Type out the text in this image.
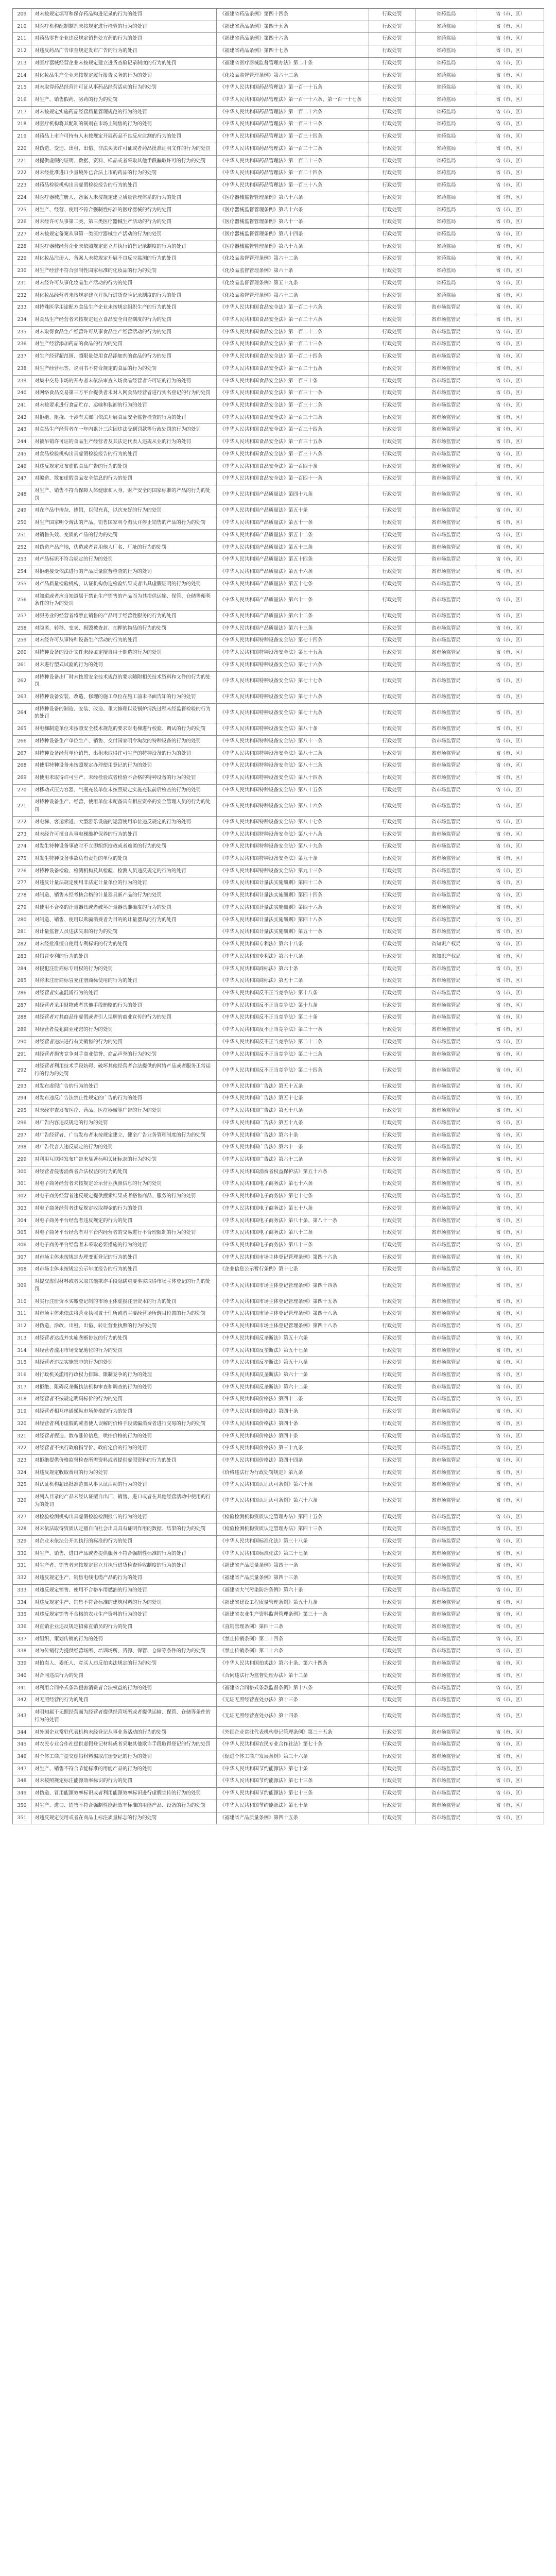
209	对未按规定填写和保存药品购进记录的行为的处罚	《福建省药品条例》第四十四条	行政处罚	省药监局	省（市、区）
210	对医疗机构配制制剂未按规定进行检验的行为的处罚	《福建省药品条例》第四十五条	行政处罚	省药监局	省（市、区）
211	对药品零售企业违反规定销售处方药的行为的处罚	《福建省药品条例》第四十六条	行政处罚	省药监局	省（市、区）
212	对违反药品广告审查规定发布广告的行为的处罚	《福建省药品条例》第四十七条	行政处罚	省药监局	省（市、区）
213	对医疗器械经营企业未按规定建立进货查验记录制度的行为的处罚	《福建省医疗器械监督管理办法》第二十条	行政处罚	省药监局	省（市、区）
214	对化妆品生产企业未按规定履行报告义务的行为的处罚	《化妆品监督管理条例》第六十二条	行政处罚	省药监局	省（市、区）
215	对未取得药品经营许可证从事药品经营活动的行为的处罚	《中华人民共和国药品管理法》第一百一十五条	行政处罚	省药监局	省（市、区）
216	对生产、销售假药、劣药的行为的处罚	《中华人民共和国药品管理法》第一百一十六条、第一百一十七条	行政处罚	省药监局	省（市、区）
217	对未按规定实施药品经营质量管理规范的行为的处罚	《中华人民共和国药品管理法》第一百二十六条	行政处罚	省药监局	省（市、区）
218	对医疗机构将其配制的制剂在市场上销售的行为的处罚	《中华人民共和国药品管理法》第一百三十三条	行政处罚	省药监局	省（市、区）
219	对药品上市许可持有人未按规定开展药品不良反应监测的行为的处罚	《中华人民共和国药品管理法》第一百三十四条	行政处罚	省药监局	省（市、区）
220	对伪造、变造、出租、出借、非法买卖许可证或者药品批准证明文件的行为的处罚	《中华人民共和国药品管理法》第一百二十二条	行政处罚	省药监局	省（市、区）
221	对提供虚假的证明、数据、资料、样品或者采取其他手段骗取许可的行为的处罚	《中华人民共和国药品管理法》第一百二十三条	行政处罚	省药监局	省（市、区）
222	对未经批准进口少量境外已合法上市的药品的行为的处罚	《中华人民共和国药品管理法》第一百二十四条	行政处罚	省药监局	省（市、区）
223	对药品检验机构出具虚假检验报告的行为的处罚	《中华人民共和国药品管理法》第一百三十八条	行政处罚	省药监局	省（市、区）
224	对医疗器械注册人、备案人未按规定建立质量管理体系的行为的处罚	《医疗器械监督管理条例》第八十六条	行政处罚	省药监局	省（市、区）
225	对生产、经营、使用不符合强制性标准的医疗器械的行为的处罚	《医疗器械监督管理条例》第八十六条	行政处罚	省药监局	省（市、区）
226	对未经许可从事第二类、第三类医疗器械生产活动的行为的处罚	《医疗器械监督管理条例》第八十一条	行政处罚	省药监局	省（市、区）
227	对未按规定备案从事第一类医疗器械生产活动的行为的处罚	《医疗器械监督管理条例》第八十四条	行政处罚	省药监局	省（市、区）
228	对医疗器械经营企业未依照规定建立并执行销售记录制度的行为的处罚	《医疗器械监督管理条例》第八十九条	行政处罚	省药监局	省（市、区）
229	对化妆品注册人、备案人未按规定开展不良反应监测的行为的处罚	《化妆品监督管理条例》第六十二条	行政处罚	省药监局	省（市、区）
230	对生产经营不符合强制性国家标准的化妆品的行为的处罚	《化妆品监督管理条例》第六十条	行政处罚	省药监局	省（市、区）
231	对未经许可从事化妆品生产活动的行为的处罚	《化妆品监督管理条例》第五十九条	行政处罚	省药监局	省（市、区）
232	对化妆品经营者未按规定建立并执行进货查验记录制度的行为的处罚	《化妆品监督管理条例》第六十二条	行政处罚	省药监局	省（市、区）
233	对特殊医学用途配方食品生产企业未按规定组织生产的行为的处罚	《中华人民共和国食品安全法》第一百二十六条	行政处罚	省市场监管局	省（市、区）
234	对食品生产经营者未按规定建立食品安全自查制度的行为的处罚	《中华人民共和国食品安全法》第一百二十六条	行政处罚	省市场监管局	省（市、区）
235	对未取得食品生产经营许可从事食品生产经营活动的行为的处罚	《中华人民共和国食品安全法》第一百二十二条	行政处罚	省市场监管局	省（市、区）
236	对生产经营添加药品的食品的行为的处罚	《中华人民共和国食品安全法》第一百二十三条	行政处罚	省市场监管局	省（市、区）
237	对生产经营超范围、超限量使用食品添加剂的食品的行为的处罚	《中华人民共和国食品安全法》第一百二十四条	行政处罚	省市场监管局	省（市、区）
238	对生产经营标签、说明书不符合规定的食品的行为的处罚	《中华人民共和国食品安全法》第一百二十五条	行政处罚	省市场监管局	省（市、区）
239	对集中交易市场的开办者未依法审查入场食品经营者许可证的行为的处罚	《中华人民共和国食品安全法》第一百三十条	行政处罚	省市场监管局	省（市、区）
240	对网络食品交易第三方平台提供者未对入网食品经营者进行实名登记的行为的处罚	《中华人民共和国食品安全法》第一百三十一条	行政处罚	省市场监管局	省（市、区）
241	对未按要求进行食品贮存、运输和装卸的行为的处罚	《中华人民共和国食品安全法》第一百三十二条	行政处罚	省市场监管局	省（市、区）
242	对拒绝、阻挠、干涉有关部门依法开展食品安全监督检查的行为的处罚	《中华人民共和国食品安全法》第一百三十三条	行政处罚	省市场监管局	省（市、区）
243	对食品生产经营者在一年内累计三次因违法受到罚款等行政处罚的行为的处罚	《中华人民共和国食品安全法》第一百三十四条	行政处罚	省市场监管局	省（市、区）
244	对被吊销许可证的食品生产经营者及其法定代表人违规从业的行为的处罚	《中华人民共和国食品安全法》第一百三十五条	行政处罚	省市场监管局	省（市、区）
245	对食品检验机构出具虚假检验报告的行为的处罚	《中华人民共和国食品安全法》第一百三十八条	行政处罚	省市场监管局	省（市、区）
246	对违反规定发布虚假食品广告的行为的处罚	《中华人民共和国食品安全法》第一百四十条	行政处罚	省市场监管局	省（市、区）
247	对编造、散布虚假食品安全信息的行为的处罚	《中华人民共和国食品安全法》第一百四十一条	行政处罚	省市场监管局	省（市、区）
248	对生产、销售不符合保障人体健康和人身、财产安全的国家标准的产品的行为的处罚	《中华人民共和国产品质量法》第四十九条	行政处罚	省市场监管局	省（市、区）
249	对在产品中掺杂、掺假，以假充真，以次充好的行为的处罚	《中华人民共和国产品质量法》第五十条	行政处罚	省市场监管局	省（市、区）
250	对生产国家明令淘汰的产品、销售国家明令淘汰并停止销售的产品的行为的处罚	《中华人民共和国产品质量法》第五十一条	行政处罚	省市场监管局	省（市、区）
251	对销售失效、变质的产品的行为的处罚	《中华人民共和国产品质量法》第五十二条	行政处罚	省市场监管局	省（市、区）
252	对伪造产品产地，伪造或者冒用他人厂名、厂址的行为的处罚	《中华人民共和国产品质量法》第五十三条	行政处罚	省市场监管局	省（市、区）
253	对产品标识不符合规定的行为的处罚	《中华人民共和国产品质量法》第五十四条	行政处罚	省市场监管局	省（市、区）
254	对拒绝接受依法进行的产品质量监督检查的行为的处罚	《中华人民共和国产品质量法》第五十六条	行政处罚	省市场监管局	省（市、区）
255	对产品质量检验机构、认证机构伪造检验结果或者出具虚假证明的行为的处罚	《中华人民共和国产品质量法》第五十七条	行政处罚	省市场监管局	省（市、区）
256	对知道或者应当知道属于禁止生产销售的产品而为其提供运输、保管、仓储等便利条件的行为的处罚	《中华人民共和国产品质量法》第六十一条	行政处罚	省市场监管局	省（市、区）
257	对服务业的经营者将禁止销售的产品用于经营性服务的行为的处罚	《中华人民共和国产品质量法》第六十二条	行政处罚	省市场监管局	省（市、区）
258	对隐匿、转移、变卖、损毁被查封、扣押的物品的行为的处罚	《中华人民共和国产品质量法》第六十三条	行政处罚	省市场监管局	省（市、区）
259	对未经许可从事特种设备生产活动的行为的处罚	《中华人民共和国特种设备安全法》第七十四条	行政处罚	省市场监管局	省（市、区）
260	对特种设备的设计文件未经鉴定擅自用于制造的行为的处罚	《中华人民共和国特种设备安全法》第七十五条	行政处罚	省市场监管局	省（市、区）
261	对未进行型式试验的行为的处罚	《中华人民共和国特种设备安全法》第七十六条	行政处罚	省市场监管局	省（市、区）
262	对特种设备出厂时未按照安全技术规范的要求随附相关技术资料和文件的行为的处罚	《中华人民共和国特种设备安全法》第七十七条	行政处罚	省市场监管局	省（市、区）
263	对特种设备安装、改造、修理的施工单位在施工前未书面告知的行为的处罚	《中华人民共和国特种设备安全法》第七十八条	行政处罚	省市场监管局	省（市、区）
264	对特种设备的制造、安装、改造、重大修理以及锅炉清洗过程未经监督检验的行为的处罚	《中华人民共和国特种设备安全法》第七十九条	行政处罚	省市场监管局	省（市、区）
265	对电梯制造单位未按照安全技术规范的要求对电梯进行校验、调试的行为的处罚	《中华人民共和国特种设备安全法》第八十条	行政处罚	省市场监管局	省（市、区）
266	对特种设备生产单位生产、销售、交付国家明令淘汰的特种设备的行为的处罚	《中华人民共和国特种设备安全法》第八十一条	行政处罚	省市场监管局	省（市、区）
267	对特种设备经营单位销售、出租未取得许可生产的特种设备的行为的处罚	《中华人民共和国特种设备安全法》第八十二条	行政处罚	省市场监管局	省（市、区）
268	对使用特种设备未按照规定办理使用登记的行为的处罚	《中华人民共和国特种设备安全法》第八十三条	行政处罚	省市场监管局	省（市、区）
269	对使用未取得许可生产，未经检验或者检验不合格的特种设备的行为的处罚	《中华人民共和国特种设备安全法》第八十四条	行政处罚	省市场监管局	省（市、区）
270	对移动式压力容器、气瓶充装单位未按照规定实施充装前后检查的行为的处罚	《中华人民共和国特种设备安全法》第八十五条	行政处罚	省市场监管局	省（市、区）
271	对特种设备生产、经营、使用单位未配备具有相应资格的安全管理人员的行为的处罚	《中华人民共和国特种设备安全法》第八十六条	行政处罚	省市场监管局	省（市、区）
272	对电梯、客运索道、大型游乐设施的运营使用单位违反规定的行为的处罚	《中华人民共和国特种设备安全法》第八十七条	行政处罚	省市场监管局	省（市、区）
273	对未经许可擅自从事电梯维护保养的行为的处罚	《中华人民共和国特种设备安全法》第八十八条	行政处罚	省市场监管局	省（市、区）
274	对发生特种设备事故时不立即组织抢救或者逃匿的行为的处罚	《中华人民共和国特种设备安全法》第八十九条	行政处罚	省市场监管局	省（市、区）
275	对发生特种设备事故负有责任的单位的处罚	《中华人民共和国特种设备安全法》第九十条	行政处罚	省市场监管局	省（市、区）
276	对特种设备检验、检测机构及其检验、检测人员违反规定的行为的处罚	《中华人民共和国特种设备安全法》第九十三条	行政处罚	省市场监管局	省（市、区）
277	对违反计量法规定使用非法定计量单位的行为的处罚	《中华人民共和国计量法实施细则》第四十二条	行政处罚	省市场监管局	省（市、区）
278	对制造、销售未经考核合格的计量器具新产品的行为的处罚	《中华人民共和国计量法实施细则》第四十四条	行政处罚	省市场监管局	省（市、区）
279	对使用不合格的计量器具或者破坏计量器具准确度的行为的处罚	《中华人民共和国计量法实施细则》第四十六条	行政处罚	省市场监管局	省（市、区）
280	对制造、销售、使用以欺骗消费者为目的的计量器具的行为的处罚	《中华人民共和国计量法实施细则》第四十八条	行政处罚	省市场监管局	省（市、区）
281	对计量监督人员违法失职的行为的处罚	《中华人民共和国计量法实施细则》第五十一条	行政处罚	省市场监管局	省（市、区）
282	对未经批准擅自使用专利标识的行为的处罚	《中华人民共和国专利法》第六十八条	行政处罚	省知识产权局	省（市、区）
283	对假冒专利的行为的处罚	《中华人民共和国专利法》第六十八条	行政处罚	省知识产权局	省（市、区）
284	对侵犯注册商标专用权的行为的处罚	《中华人民共和国商标法》第六十条	行政处罚	省市场监管局	省（市、区）
285	对将未注册商标冒充注册商标使用的行为的处罚	《中华人民共和国商标法》第五十二条	行政处罚	省市场监管局	省（市、区）
286	对经营者实施混淆行为的处罚	《中华人民共和国反不正当竞争法》第十八条	行政处罚	省市场监管局	省（市、区）
287	对经营者采用财物或者其他手段贿赂的行为的处罚	《中华人民共和国反不正当竞争法》第十九条	行政处罚	省市场监管局	省（市、区）
288	对经营者对其商品作虚假或者引人误解的商业宣传的行为的处罚	《中华人民共和国反不正当竞争法》第二十条	行政处罚	省市场监管局	省（市、区）
289	对经营者侵犯商业秘密的行为的处罚	《中华人民共和国反不正当竞争法》第二十一条	行政处罚	省市场监管局	省（市、区）
290	对经营者违法进行有奖销售的行为的处罚	《中华人民共和国反不正当竞争法》第二十二条	行政处罚	省市场监管局	省（市、区）
291	对经营者损害竞争对手商业信誉、商品声誉的行为的处罚	《中华人民共和国反不正当竞争法》第二十三条	行政处罚	省市场监管局	省（市、区）
292	对经营者利用技术手段妨碍、破坏其他经营者合法提供的网络产品或者服务正常运行的行为的处罚	《中华人民共和国反不正当竞争法》第二十四条	行政处罚	省市场监管局	省（市、区）
293	对发布虚假广告的行为的处罚	《中华人民共和国广告法》第五十五条	行政处罚	省市场监管局	省（市、区）
294	对发布违反广告法禁止性规定的广告的行为的处罚	《中华人民共和国广告法》第五十七条	行政处罚	省市场监管局	省（市、区）
295	对未经审查发布医疗、药品、医疗器械等广告的行为的处罚	《中华人民共和国广告法》第五十八条	行政处罚	省市场监管局	省（市、区）
296	对广告内容违反规定的行为的处罚	《中华人民共和国广告法》第五十九条	行政处罚	省市场监管局	省（市、区）
297	对广告经营者、广告发布者未按规定建立、健全广告业务管理制度的行为的处罚	《中华人民共和国广告法》第六十条	行政处罚	省市场监管局	省（市、区）
298	对广告代言人违反规定的行为的处罚	《中华人民共和国广告法》第六十一条	行政处罚	省市场监管局	省（市、区）
299	对利用互联网发布广告未显著标明关闭标志的行为的处罚	《中华人民共和国广告法》第六十三条	行政处罚	省市场监管局	省（市、区）
300	对经营者侵害消费者合法权益的行为的处罚	《中华人民共和国消费者权益保护法》第五十六条	行政处罚	省市场监管局	省（市、区）
301	对电子商务经营者未按规定公示营业执照信息的行为的处罚	《中华人民共和国电子商务法》第七十六条	行政处罚	省市场监管局	省（市、区）
302	对电子商务经营者违反规定提供搜索结果或者搭售商品、服务的行为的处罚	《中华人民共和国电子商务法》第七十七条	行政处罚	省市场监管局	省（市、区）
303	对电子商务经营者违反规定收取押金的行为的处罚	《中华人民共和国电子商务法》第七十八条	行政处罚	省市场监管局	省（市、区）
304	对电子商务平台经营者违反规定的行为的处罚	《中华人民共和国电子商务法》第八十条、第八十一条	行政处罚	省市场监管局	省（市、区）
305	对电子商务平台经营者对平台内经营者的交易进行不合理限制的行为的处罚	《中华人民共和国电子商务法》第八十二条	行政处罚	省市场监管局	省（市、区）
306	对电子商务平台经营者未采取必要措施的行为的处罚	《中华人民共和国电子商务法》第八十三条	行政处罚	省市场监管局	省（市、区）
307	对市场主体未按规定办理变更登记的行为的处罚	《中华人民共和国市场主体登记管理条例》第四十六条	行政处罚	省市场监管局	省（市、区）
308	对市场主体未按规定公示年度报告的行为的处罚	《企业信息公示暂行条例》第十七条	行政处罚	省市场监管局	省（市、区）
309	对提交虚假材料或者采取其他欺诈手段隐瞒重要事实取得市场主体登记的行为的处罚	《中华人民共和国市场主体登记管理条例》第四十四条	行政处罚	省市场监管局	省（市、区）
310	对实行注册资本实缴登记制的市场主体虚报注册资本的行为的处罚	《中华人民共和国市场主体登记管理条例》第四十五条	行政处罚	省市场监管局	省（市、区）
311	对市场主体未依法将营业执照置于住所或者主要经营场所醒目位置的行为的处罚	《中华人民共和国市场主体登记管理条例》第四十八条	行政处罚	省市场监管局	省（市、区）
312	对伪造、涂改、出租、出借、转让营业执照的行为的处罚	《中华人民共和国市场主体登记管理条例》第四十八条	行政处罚	省市场监管局	省（市、区）
313	对经营者达成并实施垄断协议的行为的处罚	《中华人民共和国反垄断法》第五十六条	行政处罚	省市场监管局	省（市、区）
314	对经营者滥用市场支配地位的行为的处罚	《中华人民共和国反垄断法》第五十七条	行政处罚	省市场监管局	省（市、区）
315	对经营者违法实施集中的行为的处罚	《中华人民共和国反垄断法》第五十八条	行政处罚	省市场监管局	省（市、区）
316	对行政机关滥用行政权力排除、限制竞争的行为的处理	《中华人民共和国反垄断法》第六十一条	行政处罚	省市场监管局	省（市、区）
317	对拒绝、阻碍反垄断执法机构审查和调查的行为的处罚	《中华人民共和国反垄断法》第六十二条	行政处罚	省市场监管局	省（市、区）
318	对经营者不按规定明码标价的行为的处罚	《中华人民共和国价格法》第四十二条	行政处罚	省市场监管局	省（市、区）
319	对经营者相互串通操纵市场价格的行为的处罚	《中华人民共和国价格法》第四十条	行政处罚	省市场监管局	省（市、区）
320	对经营者利用虚假的或者使人误解的价格手段诱骗消费者进行交易的行为的处罚	《中华人民共和国价格法》第四十条	行政处罚	省市场监管局	省（市、区）
321	对经营者捏造、散布涨价信息，哄抬价格的行为的处罚	《中华人民共和国价格法》第四十条	行政处罚	省市场监管局	省（市、区）
322	对经营者不执行政府指导价、政府定价的行为的处罚	《中华人民共和国价格法》第三十九条	行政处罚	省市场监管局	省（市、区）
323	对拒绝提供价格监督检查所需资料或者提供虚假资料的行为的处罚	《中华人民共和国价格法》第四十四条	行政处罚	省市场监管局	省（市、区）
324	对违反规定收取费用的行为的处罚	《价格违法行为行政处罚规定》第九条	行政处罚	省市场监管局	省（市、区）
325	对认证机构超出批准范围从事认证活动的行为的处罚	《中华人民共和国认证认可条例》第六十条	行政处罚	省市场监管局	省（市、区）
326	对列入目录的产品未经认证擅自出厂、销售、进口或者在其他经营活动中使用的行为的处罚	《中华人民共和国认证认可条例》第六十六条	行政处罚	省市场监管局	省（市、区）
327	对检验检测机构出具虚假检验检测报告的行为的处罚	《检验检测机构资质认定管理办法》第四十五条	行政处罚	省市场监管局	省（市、区）
328	对未依法取得资质认定擅自向社会出具具有证明作用的数据、结果的行为的处罚	《检验检测机构资质认定管理办法》第四十三条	行政处罚	省市场监管局	省（市、区）
329	对企业未依法公开其执行的标准的行为的处罚	《中华人民共和国标准化法》第三十八条	行政处罚	省市场监管局	省（市、区）
330	对生产、销售、进口产品或者提供服务不符合强制性标准的行为的处罚	《中华人民共和国标准化法》第三十七条	行政处罚	省市场监管局	省（市、区）
331	对生产者、销售者未按规定建立并执行进货检查验收制度的行为的处罚	《福建省产品质量条例》第四十一条	行政处罚	省市场监管局	省（市、区）
332	对违反规定生产、销售电线电缆产品的行为的处罚	《福建省产品质量条例》第四十三条	行政处罚	省市场监管局	省（市、区）
333	对违反规定销售、使用不合格车用燃油的行为的处罚	《福建省大气污染防治条例》第六十条	行政处罚	省市场监管局	省（市、区）
334	对违反规定生产、销售不符合标准的建筑材料的行为的处罚	《福建省建设工程质量管理条例》第五十九条	行政处罚	省市场监管局	省（市、区）
335	对违反规定销售不合格的农业生产资料的行为的处罚	《福建省农业生产资料监督管理条例》第三十一条	行政处罚	省市场监管局	省（市、区）
336	对直销企业违反规定招募直销员的行为的处罚	《直销管理条例》第四十三条	行政处罚	省市场监管局	省（市、区）
337	对组织、策划传销的行为的处罚	《禁止传销条例》第二十四条	行政处罚	省市场监管局	省（市、区）
338	对为传销行为提供经营场所、培训场所、货源、保管、仓储等条件的行为的处罚	《禁止传销条例》第二十六条	行政处罚	省市场监管局	省（市、区）
339	对拍卖人、委托人、竞买人违反拍卖法规定的行为的处罚	《中华人民共和国拍卖法》第六十条、第六十四条	行政处罚	省市场监管局	省（市、区）
340	对合同违法行为的处罚	《合同违法行为监督处理办法》第十二条	行政处罚	省市场监管局	省（市、区）
341	对利用合同格式条款侵害消费者合法权益的行为的处罚	《福建省合同格式条款监督条例》第十八条	行政处罚	省市场监管局	省（市、区）
342	对无照经营的行为的处罚	《无证无照经营查处办法》第十三条	行政处罚	省市场监管局	省（市、区）
343	对明知属于无照经营而为经营者提供经营场所或者提供运输、保管、仓储等条件的行为的处罚	《无证无照经营查处办法》第十四条	行政处罚	省市场监管局	省（市、区）
344	对外国企业常驻代表机构未经登记从事业务活动的行为的处罚	《外国企业常驻代表机构登记管理条例》第三十五条	行政处罚	省市场监管局	省（市、区）
345	对农民专业合作社提供虚假登记材料或者采取其他欺诈手段取得登记的行为的处罚	《中华人民共和国农民专业合作社法》第七十条	行政处罚	省市场监管局	省（市、区）
346	对个体工商户提交虚假材料骗取注册登记的行为的处罚	《促进个体工商户发展条例》第三十六条	行政处罚	省市场监管局	省（市、区）
347	对生产、销售不符合节能标准的用能产品的行为的处罚	《中华人民共和国节约能源法》第七十条	行政处罚	省市场监管局	省（市、区）
348	对未按照规定标注能源效率标识的行为的处罚	《中华人民共和国节约能源法》第七十三条	行政处罚	省市场监管局	省（市、区）
349	对伪造、冒用能源效率标识或者利用能源效率标识进行虚假宣传的行为的处罚	《中华人民共和国节约能源法》第七十三条	行政处罚	省市场监管局	省（市、区）
350	对生产、进口、销售不符合强制性能源效率标准的用能产品、设备的行为的处罚	《中华人民共和国节约能源法》第七十条	行政处罚	省市场监管局	省（市、区）
351	对违反规定使用或者在商品上标注质量标志的行为的处罚	《福建省产品质量条例》第四十五条	行政处罚	省市场监管局	省（市、区）
